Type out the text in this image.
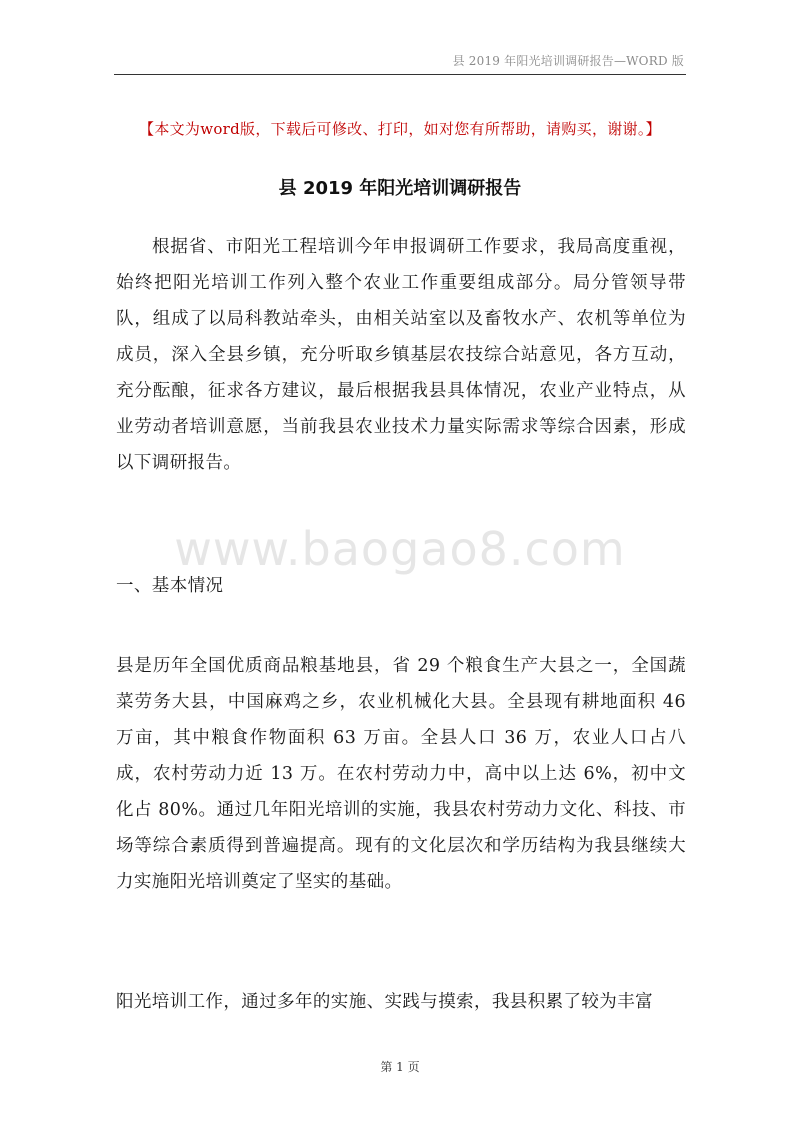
县 2019 年阳光培训调研报告—WORD 版
【本文为word版，下载后可修改、打印，如对您有所帮助，请购买，谢谢。】
县 2019 年阳光培训调研报告

根据省、市阳光工程培训今年申报调研工作要求，我局高度重视，始终把阳光培训工作列入整个农业工作重要组成部分。局分管领导带队，组成了以局科教站牵头，由相关站室以及畜牧水产、农机等单位为成员，深入全县乡镇，充分听取乡镇基层农技综合站意见，各方互动，充分酝酿，征求各方建议，最后根据我县具体情况，农业产业特点，从业劳动者培训意愿，当前我县农业技术力量实际需求等综合因素，形成以下调研报告。

www.baogao8.com
一、基本情况

县是历年全国优质商品粮基地县，省 29 个粮食生产大县之一，全国蔬菜劳务大县，中国麻鸡之乡，农业机械化大县。全县现有耕地面积 46 万亩，其中粮食作物面积 63 万亩。全县人口 36 万，农业人口占八成，农村劳动力近 13 万。在农村劳动力中，高中以上达 6%，初中文化占 80%。通过几年阳光培训的实施，我县农村劳动力文化、科技、市场等综合素质得到普遍提高。现有的文化层次和学历结构为我县继续大力实施阳光培训奠定了坚实的基础。

阳光培训工作，通过多年的实施、实践与摸索，我县积累了较为丰富

第 1 页
